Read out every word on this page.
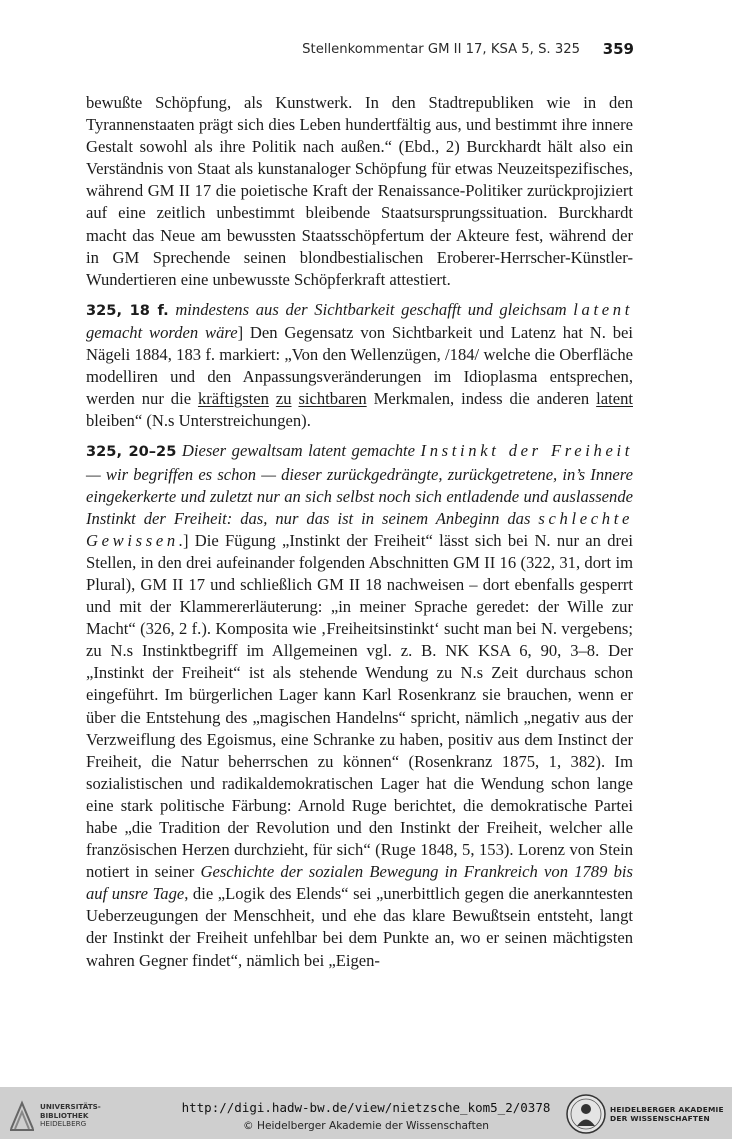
Stellenkommentar GM II 17, KSA 5, S. 325 359

bewußte Schöpfung, als Kunstwerk. In den Stadtrepubliken wie in den Tyrannenstaaten prägt sich dies Leben hundertfältig aus, und bestimmt ihre innere Gestalt sowohl als ihre Politik nach außen.“ (Ebd., 2) Burckhardt hält also ein Verständnis von Staat als kunstanaloger Schöpfung für etwas Neuzeitspezifisches, während GM II 17 die poietische Kraft der Renaissance-Politiker zurückprojiziert auf eine zeitlich unbestimmt bleibende Staatsursprungssituation. Burckhardt macht das Neue am bewussten Staatsschöpfertum der Akteure fest, während der in GM Sprechende seinen blondbestialischen Eroberer-Herrscher-Künstler-Wundertieren eine unbewusste Schöpferkraft attestiert.

325, 18 f. mindestens aus der Sichtbarkeit geschafft und gleichsam latent gemacht worden wäre] Den Gegensatz von Sichtbarkeit und Latenz hat N. bei Nägeli 1884, 183 f. markiert: „Von den Wellenzügen, /184/ welche die Oberfläche modelliren und den Anpassungsveränderungen im Idioplasma entsprechen, werden nur die kräftigsten zu sichtbaren Merkmalen, indess die anderen latent bleiben“ (N.s Unterstreichungen).

325, 20–25 Dieser gewaltsam latent gemachte Instinkt der Freiheit — wir begriffen es schon — dieser zurückgedrängte, zurückgetretene, in’s Innere eingekerkerte und zuletzt nur an sich selbst noch sich entladende und auslassende Instinkt der Freiheit: das, nur das ist in seinem Anbeginn das schlechte Gewissen.] Die Fügung „Instinkt der Freiheit“ lässt sich bei N. nur an drei Stellen, in den drei aufeinander folgenden Abschnitten GM II 16 (322, 31, dort im Plural), GM II 17 und schließlich GM II 18 nachweisen – dort ebenfalls gesperrt und mit der Klammererläuterung: „in meiner Sprache geredet: der Wille zur Macht“ (326, 2 f.). Komposita wie ‚Freiheitsinstinkt‘ sucht man bei N. vergebens; zu N.s Instinktbegriff im Allgemeinen vgl. z. B. NK KSA 6, 90, 3–8. Der „Instinkt der Freiheit“ ist als stehende Wendung zu N.s Zeit durchaus schon eingeführt. Im bürgerlichen Lager kann Karl Rosenkranz sie brauchen, wenn er über die Entstehung des „magischen Handelns“ spricht, nämlich „negativ aus der Verzweiflung des Egoismus, eine Schranke zu haben, positiv aus dem Instinct der Freiheit, die Natur beherrschen zu können“ (Rosenkranz 1875, 1, 382). Im sozialistischen und radikaldemokratischen Lager hat die Wendung schon lange eine stark politische Färbung: Arnold Ruge berichtet, die demokratische Partei habe „die Tradition der Revolution und den Instinkt der Freiheit, welcher alle französischen Herzen durchzieht, für sich“ (Ruge 1848, 5, 153). Lorenz von Stein notiert in seiner Geschichte der sozialen Bewegung in Frankreich von 1789 bis auf unsre Tage, die „Logik des Elends“ sei „unerbittlich gegen die anerkanntesten Ueberzeugungen der Menschheit, und ehe das klare Bewußtsein entsteht, langt der Instinkt der Freiheit unfehlbar bei dem Punkte an, wo er seinen mächtigsten wahren Gegner findet“, nämlich bei „Eigen-

UNIVERSITÄTS-
BIBLIOTHEK
HEIDELBERG
http://digi.hadw-bw.de/view/nietzsche_kom5_2/0378
© Heidelberger Akademie der Wissenschaften
HEIDELBERGER AKADEMIE
DER WISSENSCHAFTEN
